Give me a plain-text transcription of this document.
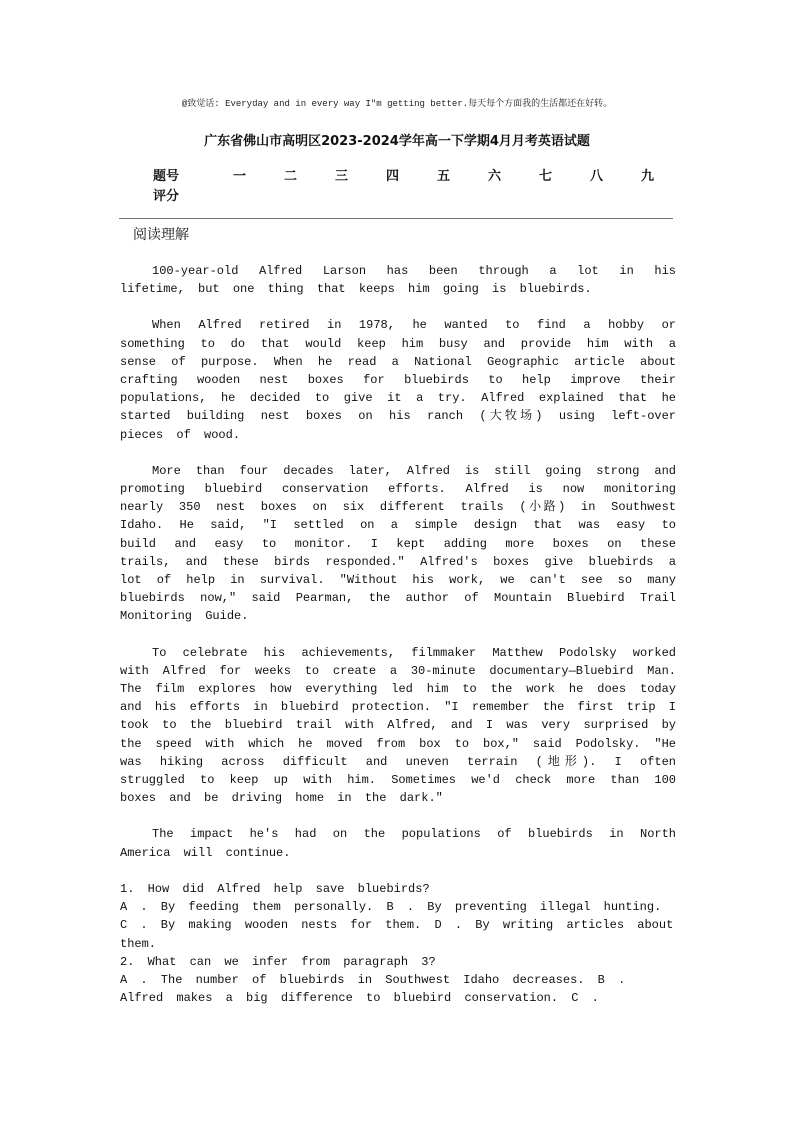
@致觉话: Everyday and in every way I"m getting better.每天每个方面我的生活都还在好转。
广东省佛山市高明区2023-2024学年高一下学期4月月考英语试题
题号	一	二	三	四	五	六	七	八	九
评分
阅读理解

100-year-old Alfred Larson has been through a lot in his lifetime, but one thing that keeps him going is bluebirds.

When Alfred retired in 1978, he wanted to find a hobby or something to do that would keep him busy and provide him with a sense of purpose. When he read a National Geographic article about crafting wooden nest boxes for bluebirds to help improve their populations, he decided to give it a try. Alfred explained that he started building nest boxes on his ranch (大牧场) using left-over pieces of wood.

More than four decades later, Alfred is still going strong and promoting bluebird conservation efforts. Alfred is now monitoring nearly 350 nest boxes on six different trails (小路) in Southwest Idaho. He said, "I settled on a simple design that was easy to build and easy to monitor. I kept adding more boxes on these trails, and these birds responded." Alfred's boxes give bluebirds a lot of help in survival. "Without his work, we can't see so many bluebirds now," said Pearman, the author of Mountain Bluebird Trail Monitoring Guide.

To celebrate his achievements, filmmaker Matthew Podolsky worked with Alfred for weeks to create a 30-minute documentary—Bluebird Man. The film explores how everything led him to the work he does today and his efforts in bluebird protection. "I remember the first trip I took to the bluebird trail with Alfred, and I was very surprised by the speed with which he moved from box to box," said Podolsky. "He was hiking across difficult and uneven terrain (地形). I often struggled to keep up with him. Sometimes we'd check more than 100 boxes and be driving home in the dark."

The impact he's had on the populations of bluebirds in North America will continue.

1. How did Alfred help save bluebirds?
A . By feeding them personally. B . By preventing illegal hunting. C . By making wooden nests for them. D . By writing articles about them.
2. What can we infer from paragraph 3?
A . The number of bluebirds in Southwest Idaho decreases. B . Alfred makes a big difference to bluebird conservation. C .
